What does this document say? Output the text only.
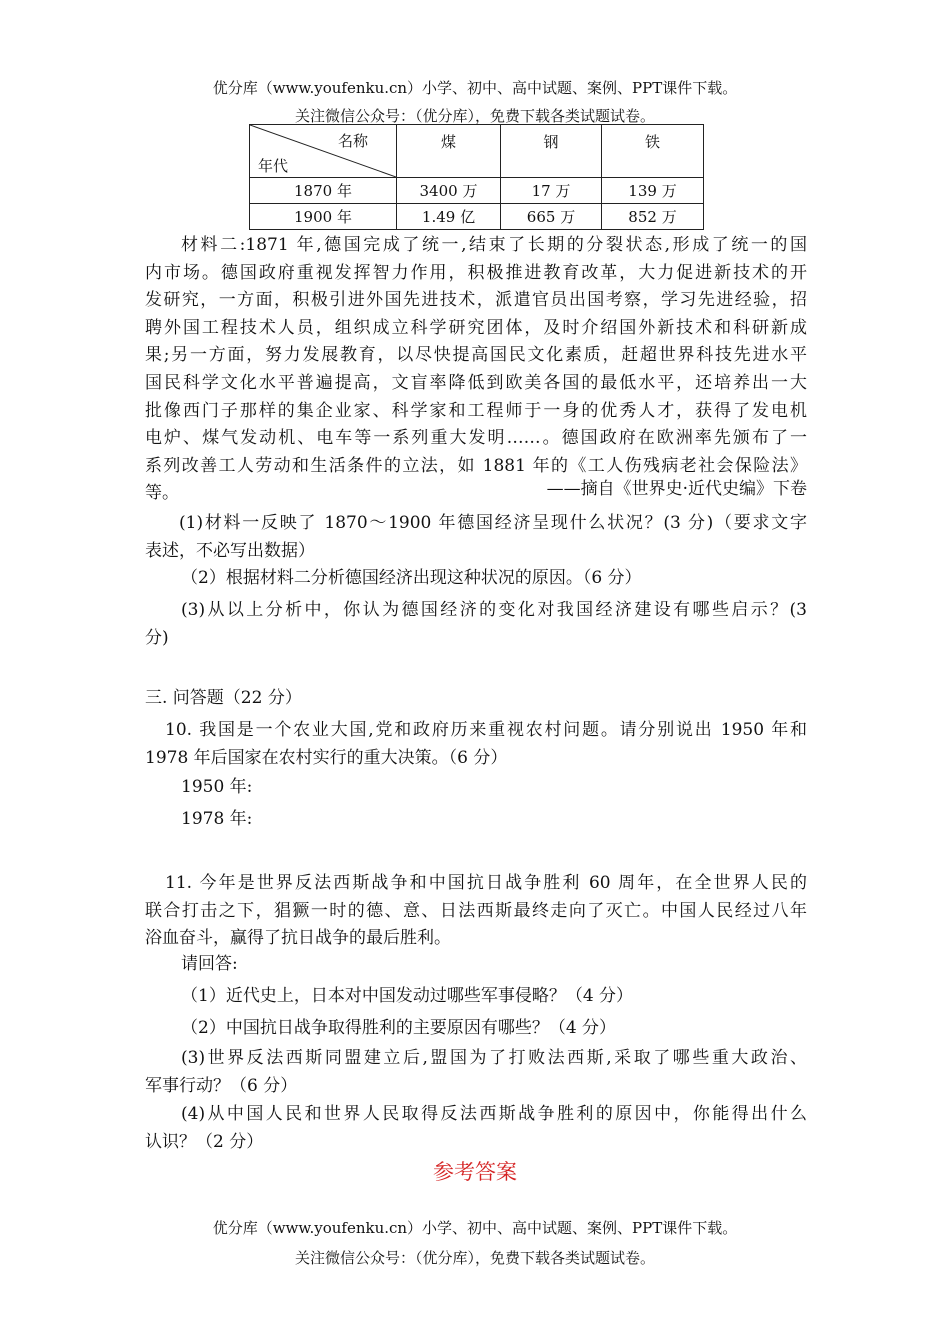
优分库（www.youfenku.cn）小学、初中、高中试题、案例、PPT课件下载。
关注微信公众号：（优分库），免费下载各类试题试卷。
名称
年代	煤	钢	铁
1870 年	3400 万	17 万	139 万
1900 年	1.49 亿	665 万	852 万
材料二:1871 年,德国完成了统一,结束了长期的分裂状态,形成了统一的国
内市场。德国政府重视发挥智力作用，积极推进教育改革，大力促进新技术的开
发研究，一方面，积极引进外国先进技术，派遣官员出国考察，学习先进经验，招
聘外国工程技术人员，组织成立科学研究团体，及时介绍国外新技术和科研新成
果;另一方面，努力发展教育，以尽快提高国民文化素质，赶超世界科技先进水平
国民科学文化水平普遍提高，文盲率降低到欧美各国的最低水平，还培养出一大
批像西门子那样的集企业家、科学家和工程师于一身的优秀人才，获得了发电机
电炉、煤气发动机、电车等一系列重大发明……。德国政府在欧洲率先颁布了一
系列改善工人劳动和生活条件的立法，如 1881 年的《工人伤残病老社会保险法》
等。	——摘自《世界史·近代史编》下卷
(1)材料一反映了 1870～1900 年德国经济呈现什么状况？(3 分)（要求文字
表述，不必写出数据）
（2）根据材料二分析德国经济出现这种状况的原因。（6 分）
(3)从以上分析中，你认为德国经济的变化对我国经济建设有哪些启示？(3
分)
三. 问答题（22 分）
10. 我国是一个农业大国,党和政府历来重视农村问题。请分别说出 1950 年和
1978 年后国家在农村实行的重大决策。（6 分）
1950 年:
1978 年:
11. 今年是世界反法西斯战争和中国抗日战争胜利 60 周年，在全世界人民的
联合打击之下，猖獗一时的德、意、日法西斯最终走向了灭亡。中国人民经过八年
浴血奋斗，赢得了抗日战争的最后胜利。
请回答:
（1）近代史上，日本对中国发动过哪些军事侵略？（4 分）
（2）中国抗日战争取得胜利的主要原因有哪些？（4 分）
(3)世界反法西斯同盟建立后,盟国为了打败法西斯,采取了哪些重大政治、
军事行动？（6 分）
(4)从中国人民和世界人民取得反法西斯战争胜利的原因中，你能得出什么
认识？（2 分）
参考答案
优分库（www.youfenku.cn）小学、初中、高中试题、案例、PPT课件下载。
关注微信公众号：（优分库），免费下载各类试题试卷。
